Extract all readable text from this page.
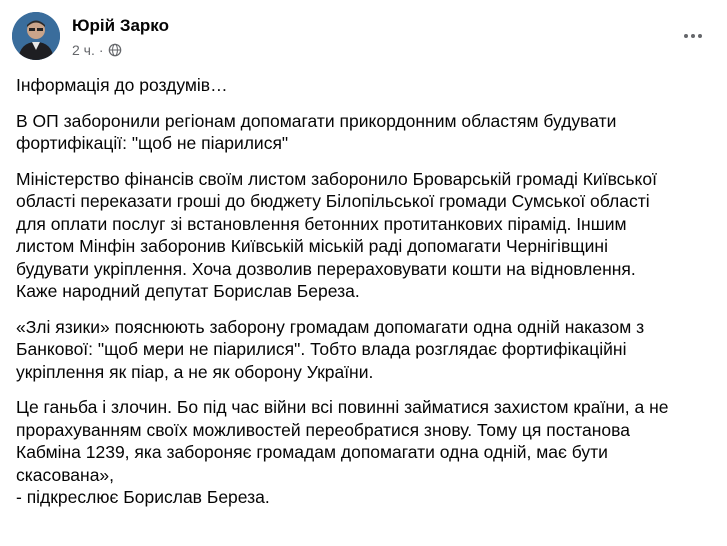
Юрій Зарко
2 ч. ·

Інформація до роздумів…

В ОП заборонили регіонам допомагати прикордонним областям будувати
фортифікації: "щоб не піарилися"

Міністерство фінансів своїм листом заборонило Броварській громаді Київської
області переказати гроші до бюджету Білопільської громади Сумської області
для оплати послуг зі встановлення бетонних протитанкових пірамід. Іншим
листом Мінфін заборонив Київській міській раді допомагати Чернігівщині
будувати укріплення. Хоча дозволив перераховувати кошти на відновлення.
Каже народний депутат Борислав Береза.

«Злі язики» пояснюють заборону громадам допомагати одна одній наказом з
Банкової: "щоб мери не піарилися". Тобто влада розглядає фортифікаційні
укріплення як піар, а не як оборону України.

Це ганьба і злочин. Бо під час війни всі повинні займатися захистом країни, а не
прорахуванням своїх можливостей переобратися знову. Тому ця постанова
Кабміна 1239, яка забороняє громадам допомагати одна одній, має бути
скасована»,
- підкреслює Борислав Береза.
